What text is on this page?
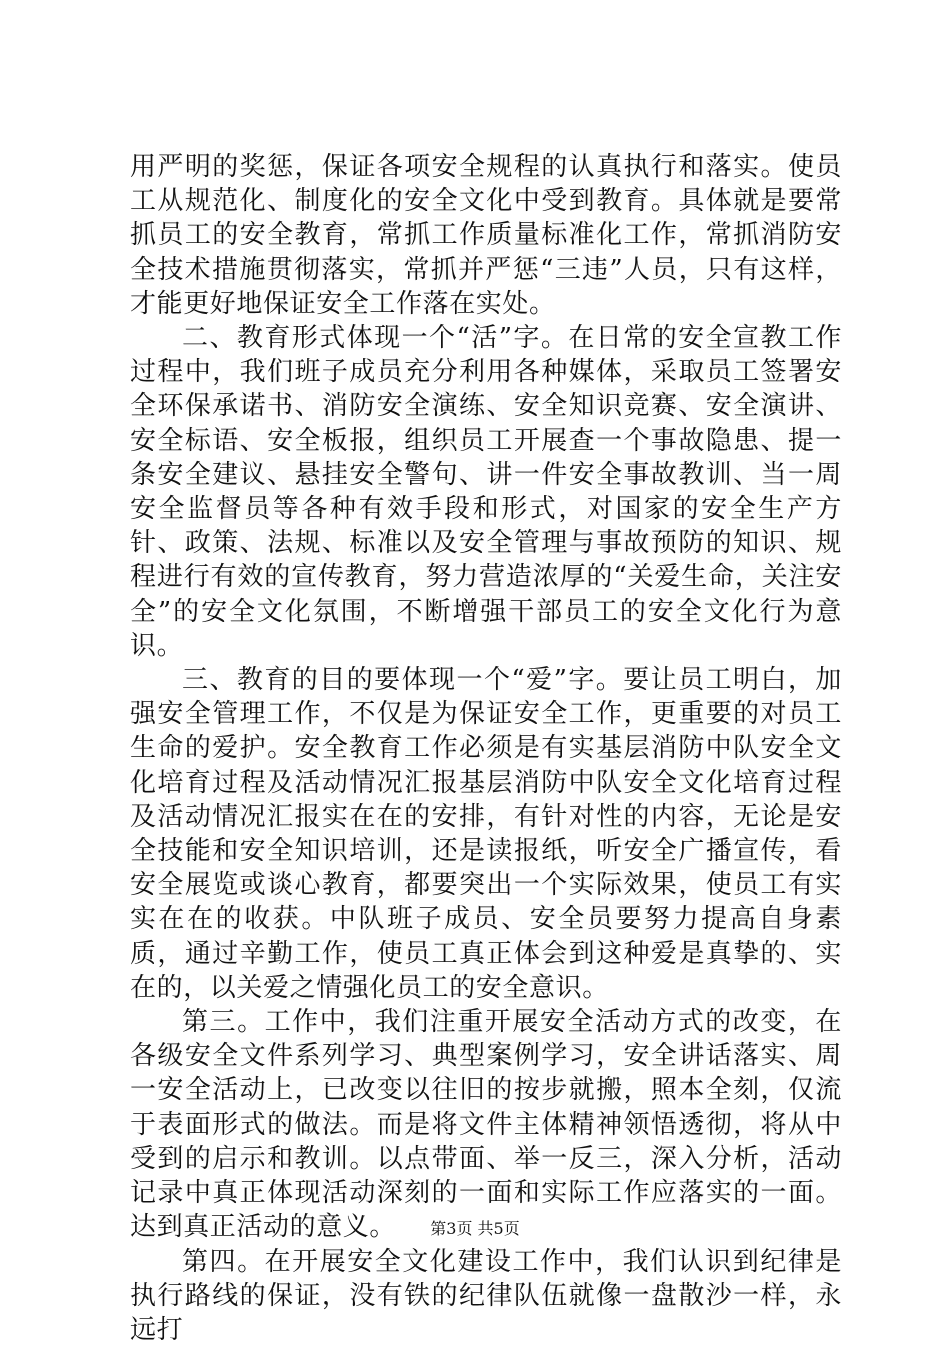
用严明的奖惩，保证各项安全规程的认真执行和落实。使员工从规范化、制度化的安全文化中受到教育。具体就是要常抓员工的安全教育，常抓工作质量标准化工作，常抓消防安全技术措施贯彻落实，常抓并严惩“三违”人员，只有这样，才能更好地保证安全工作落在实处。

二、教育形式体现一个“活”字。在日常的安全宣教工作过程中，我们班子成员充分利用各种媒体，采取员工签署安全环保承诺书、消防安全演练、安全知识竞赛、安全演讲、安全标语、安全板报，组织员工开展查一个事故隐患、提一条安全建议、悬挂安全警句、讲一件安全事故教训、当一周安全监督员等各种有效手段和形式，对国家的安全生产方针、政策、法规、标准以及安全管理与事故预防的知识、规程进行有效的宣传教育，努力营造浓厚的“关爱生命，关注安全”的安全文化氛围，不断增强干部员工的安全文化行为意识。

三、教育的目的要体现一个“爱”字。要让员工明白，加强安全管理工作，不仅是为保证安全工作，更重要的对员工生命的爱护。安全教育工作必须是有实基层消防中队安全文化培育过程及活动情况汇报基层消防中队安全文化培育过程及活动情况汇报实在在的安排，有针对性的内容，无论是安全技能和安全知识培训，还是读报纸，听安全广播宣传，看安全展览或谈心教育，都要突出一个实际效果，使员工有实实在在的收获。中队班子成员、安全员要努力提高自身素质，通过辛勤工作，使员工真正体会到这种爱是真挚的、实在的，以关爱之情强化员工的安全意识。

第三。工作中，我们注重开展安全活动方式的改变，在各级安全文件系列学习、典型案例学习，安全讲话落实、周一安全活动上，已改变以往旧的按步就搬，照本全刻，仅流于表面形式的做法。而是将文件主体精神领悟透彻，将从中受到的启示和教训。以点带面、举一反三，深入分析，活动记录中真正体现活动深刻的一面和实际工作应落实的一面。达到真正活动的意义。

第四。在开展安全文化建设工作中，我们认识到纪律是执行路线的保证，没有铁的纪律队伍就像一盘散沙一样，永远打

第3页 共5页
